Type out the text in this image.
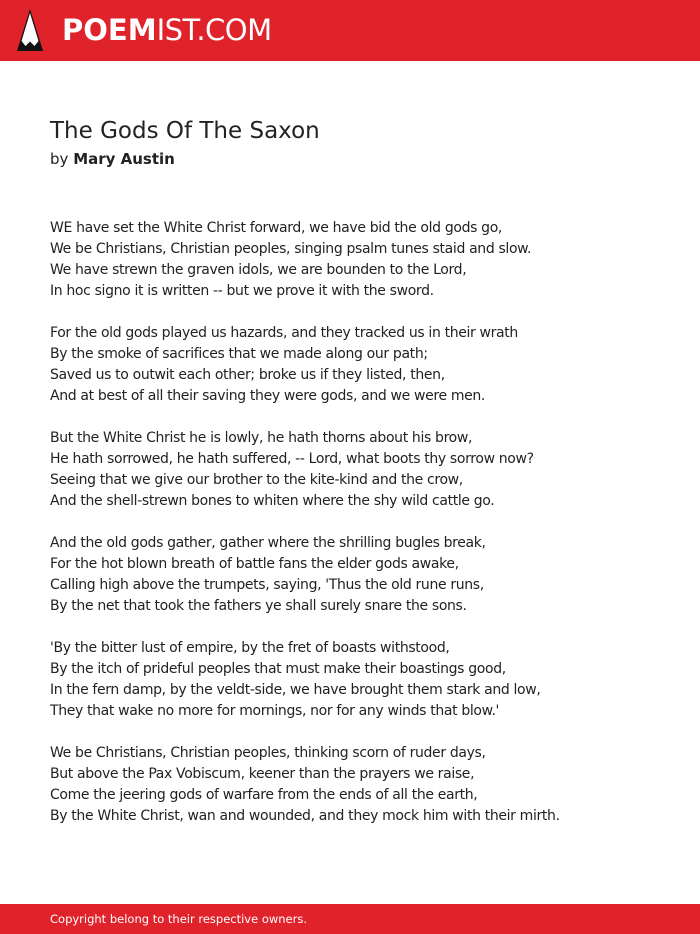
POEMIST.COM
The Gods Of The Saxon
by Mary Austin
WE have set the White Christ forward, we have bid the old gods go,
We be Christians, Christian peoples, singing psalm tunes staid and slow.
We have strewn the graven idols, we are bounden to the Lord,
In hoc signo it is written -- but we prove it with the sword.
For the old gods played us hazards, and they tracked us in their wrath
By the smoke of sacrifices that we made along our path;
Saved us to outwit each other; broke us if they listed, then,
And at best of all their saving they were gods, and we were men.
But the White Christ he is lowly, he hath thorns about his brow,
He hath sorrowed, he hath suffered, -- Lord, what boots thy sorrow now?
Seeing that we give our brother to the kite-kind and the crow,
And the shell-strewn bones to whiten where the shy wild cattle go.
And the old gods gather, gather where the shrilling bugles break,
For the hot blown breath of battle fans the elder gods awake,
Calling high above the trumpets, saying, 'Thus the old rune runs,
By the net that took the fathers ye shall surely snare the sons.
'By the bitter lust of empire, by the fret of boasts withstood,
By the itch of prideful peoples that must make their boastings good,
In the fern damp, by the veldt-side, we have brought them stark and low,
They that wake no more for mornings, nor for any winds that blow.'
We be Christians, Christian peoples, thinking scorn of ruder days,
But above the Pax Vobiscum, keener than the prayers we raise,
Come the jeering gods of warfare from the ends of all the earth,
By the White Christ, wan and wounded, and they mock him with their mirth.
Copyright belong to their respective owners.
